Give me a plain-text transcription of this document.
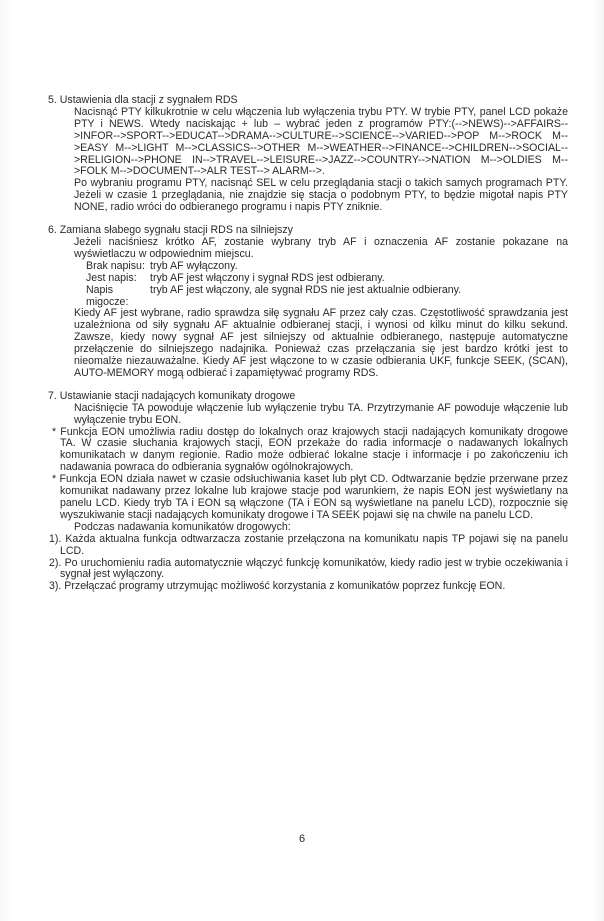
5. Ustawienia dla stacji z sygnałem RDS
Nacisnąć PTY kilkukrotnie w celu włączenia lub wyłączenia trybu PTY. W trybie PTY, panel LCD pokaże PTY i NEWS. Wtedy naciskając + lub – wybrać jeden z programów PTY:(-->NEWS)-->AFFAIRS-->INFOR-->SPORT-->EDUCAT-->DRAMA-->CULTURE-->SCIENCE-->VARIED-->POP M-->ROCK M-->EASY M-->LIGHT M-->CLASSICS-->OTHER M-->WEATHER-->FINANCE-->CHILDREN-->SOCIAL-->RELIGION-->PHONE IN-->TRAVEL-->LEISURE-->JAZZ-->COUNTRY-->NATION M-->OLDIES M-->FOLK M-->DOCUMENT-->ALR TEST--> ALARM-->.
Po wybraniu programu PTY, nacisnąć SEL w celu przeglądania stacji o takich samych programach PTY. Jeżeli w czasie 1 przeglądania, nie znajdzie się stacja o podobnym PTY, to będzie migotał napis PTY NONE, radio wróci do odbieranego programu i napis PTY zniknie.
6. Zamiana słabego sygnału stacji RDS na silniejszy
Jeżeli naciśniesz krótko AF, zostanie wybrany tryb AF i oznaczenia AF zostanie pokazane na wyświetlaczu w odpowiednim miejscu.
Brak napisu: tryb AF wyłączony.
Jest napis:	tryb AF jest włączony i sygnał RDS jest odbierany.
Napis migocze:
tryb AF jest włączony, ale sygnał RDS nie jest aktualnie odbierany.
Kiedy AF jest wybrane, radio sprawdza siłę sygnału AF przez cały czas. Częstotliwość sprawdzania jest uzależniona od siły sygnału AF aktualnie odbieranej stacji, i wynosi od kilku minut do kilku sekund. Zawsze, kiedy nowy sygnał AF jest silniejszy od aktualnie odbieranego, następuje automatyczne przełączenie do silniejszego nadajnika. Ponieważ czas przełączania się jest bardzo krótki jest to nieomalże niezauważalne. Kiedy AF jest włączone to w czasie odbierania UKF, funkcje SEEK, (SCAN), AUTO-MEMORY mogą odbierać i zapamiętywać programy RDS.
7. Ustawianie stacji nadających komunikaty drogowe
Naciśnięcie TA powoduje włączenie lub wyłączenie trybu TA. Przytrzymanie AF powoduje włączenie lub wyłączenie trybu EON.
* Funkcja EON umożliwia radiu dostęp do lokalnych oraz krajowych stacji nadających komunikaty drogowe TA. W czasie słuchania krajowych stacji, EON przekaże do radia informacje o nadawanych lokalnych komunikatach w danym regionie. Radio może odbierać lokalne stacje i informacje i po zakończeniu ich nadawania powraca do odbierania sygnałów ogólnokrajowych.
* Funkcja EON działa nawet w czasie odsłuchiwania kaset lub płyt CD. Odtwarzanie będzie przerwane przez komunikat nadawany przez lokalne lub krajowe stacje pod warunkiem, że napis EON jest wyświetlany na panelu LCD. Kiedy tryb TA i EON są włączone (TA i EON są wyświetlane na panelu LCD), rozpocznie się wyszukiwanie stacji nadających komunikaty drogowe i TA SEEK pojawi się na chwile na panelu LCD.
Podczas nadawania komunikatów drogowych:
1). Każda aktualna funkcja odtwarzacza zostanie przełączona na komunikatu napis TP pojawi się na panelu LCD.
2). Po uruchomieniu radia automatycznie włączyć funkcję komunikatów, kiedy radio jest w trybie oczekiwania i sygnał jest wyłączony.
3). Przełączać programy utrzymując możliwość korzystania z komunikatów poprzez funkcję EON.
6
